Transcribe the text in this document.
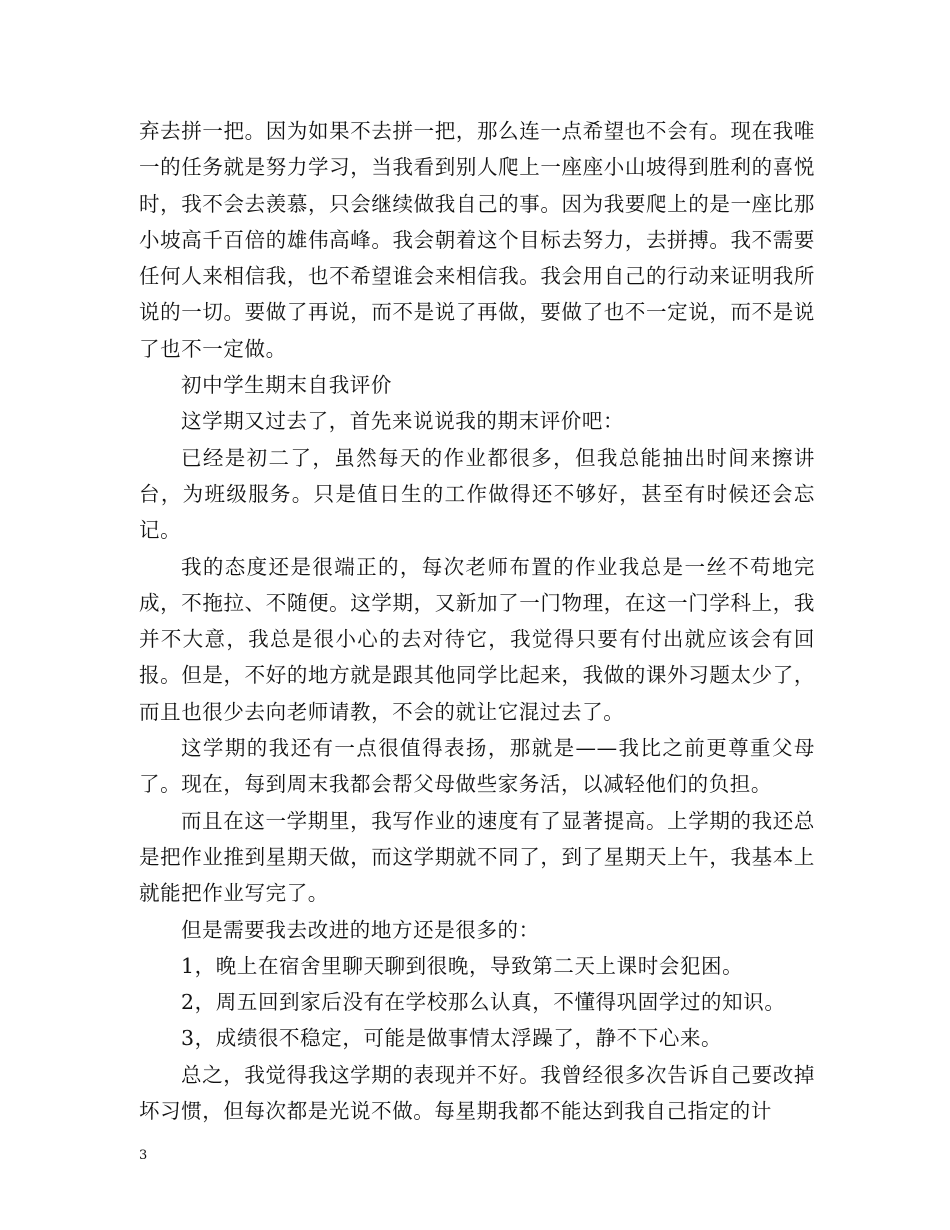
弃去拼一把。因为如果不去拼一把，那么连一点希望也不会有。现在我唯一的任务就是努力学习，当我看到别人爬上一座座小山坡得到胜利的喜悦时，我不会去羡慕，只会继续做我自己的事。因为我要爬上的是一座比那小坡高千百倍的雄伟高峰。我会朝着这个目标去努力，去拼搏。我不需要任何人来相信我，也不希望谁会来相信我。我会用自己的行动来证明我所说的一切。要做了再说，而不是说了再做，要做了也不一定说，而不是说了也不一定做。

初中学生期末自我评价

这学期又过去了，首先来说说我的期末评价吧：

已经是初二了，虽然每天的作业都很多，但我总能抽出时间来擦讲台，为班级服务。只是值日生的工作做得还不够好，甚至有时候还会忘记。

我的态度还是很端正的，每次老师布置的作业我总是一丝不苟地完成，不拖拉、不随便。这学期，又新加了一门物理，在这一门学科上，我并不大意，我总是很小心的去对待它，我觉得只要有付出就应该会有回报。但是，不好的地方就是跟其他同学比起来，我做的课外习题太少了，而且也很少去向老师请教，不会的就让它混过去了。

这学期的我还有一点很值得表扬，那就是——我比之前更尊重父母了。现在，每到周末我都会帮父母做些家务活，以减轻他们的负担。

而且在这一学期里，我写作业的速度有了显著提高。上学期的我还总是把作业推到星期天做，而这学期就不同了，到了星期天上午，我基本上就能把作业写完了。

但是需要我去改进的地方还是很多的：

1，晚上在宿舍里聊天聊到很晚，导致第二天上课时会犯困。

2，周五回到家后没有在学校那么认真，不懂得巩固学过的知识。

3，成绩很不稳定，可能是做事情太浮躁了，静不下心来。

总之，我觉得我这学期的表现并不好。我曾经很多次告诉自己要改掉坏习惯，但每次都是光说不做。每星期我都不能达到我自己指定的计

3
